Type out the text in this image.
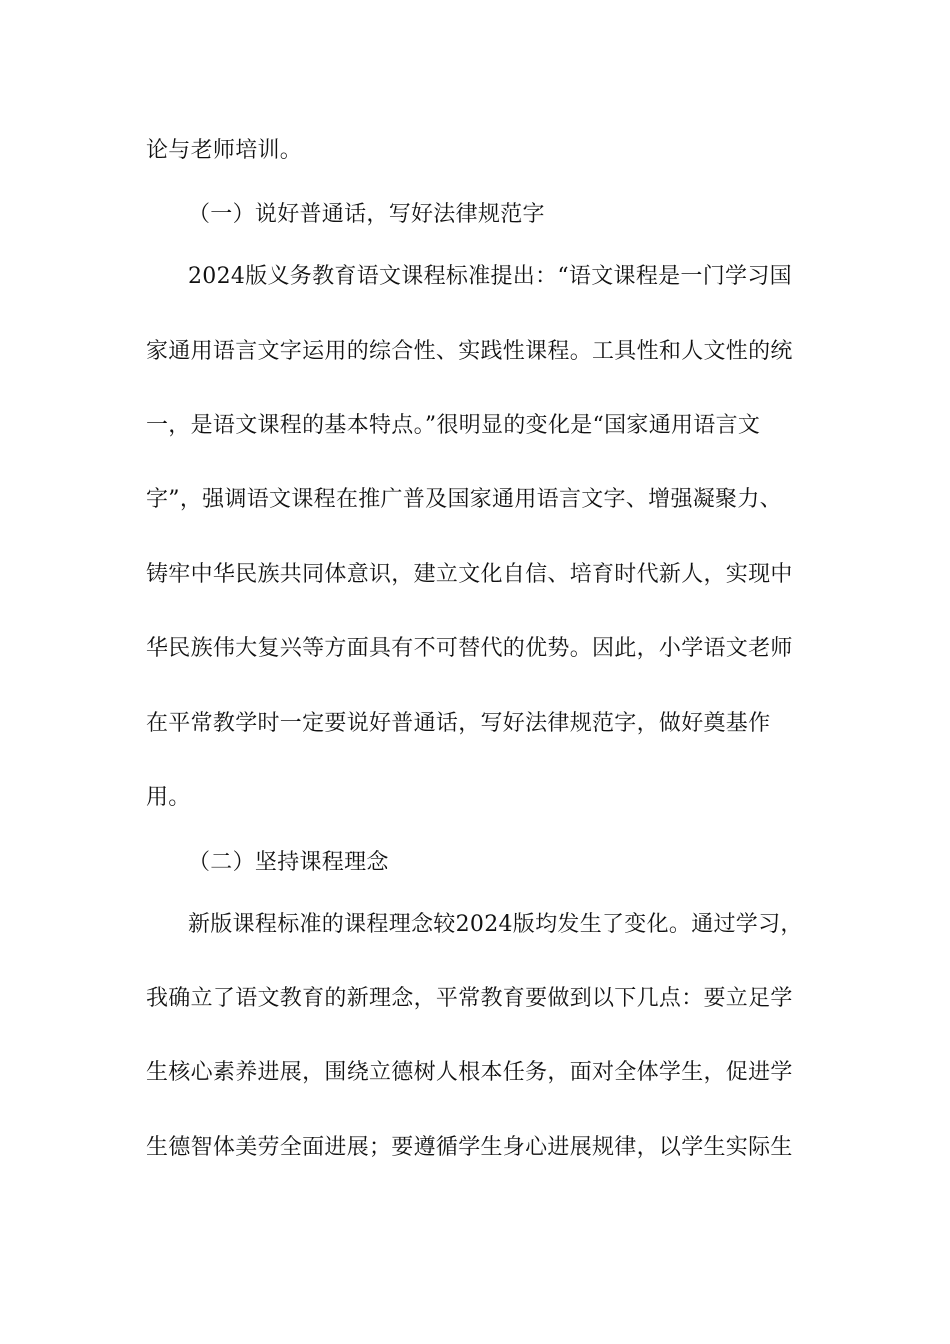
论与老师培训。
（一）说好普通话，写好法律规范字
2024版义务教育语文课程标准提出：“语文课程是一门学习国
家通用语言文字运用的综合性、实践性课程。工具性和人文性的统
一，是语文课程的基本特点。”很明显的变化是“国家通用语言文
字”，强调语文课程在推广普及国家通用语言文字、增强凝聚力、
铸牢中华民族共同体意识，建立文化自信、培育时代新人，实现中
华民族伟大复兴等方面具有不可替代的优势。因此，小学语文老师
在平常教学时一定要说好普通话，写好法律规范字，做好奠基作
用。
（二）坚持课程理念
新版课程标准的课程理念较2024版均发生了变化。通过学习，
我确立了语文教育的新理念，平常教育要做到以下几点：要立足学
生核心素养进展，围绕立德树人根本任务，面对全体学生，促进学
生德智体美劳全面进展；要遵循学生身心进展规律，以学生实际生
